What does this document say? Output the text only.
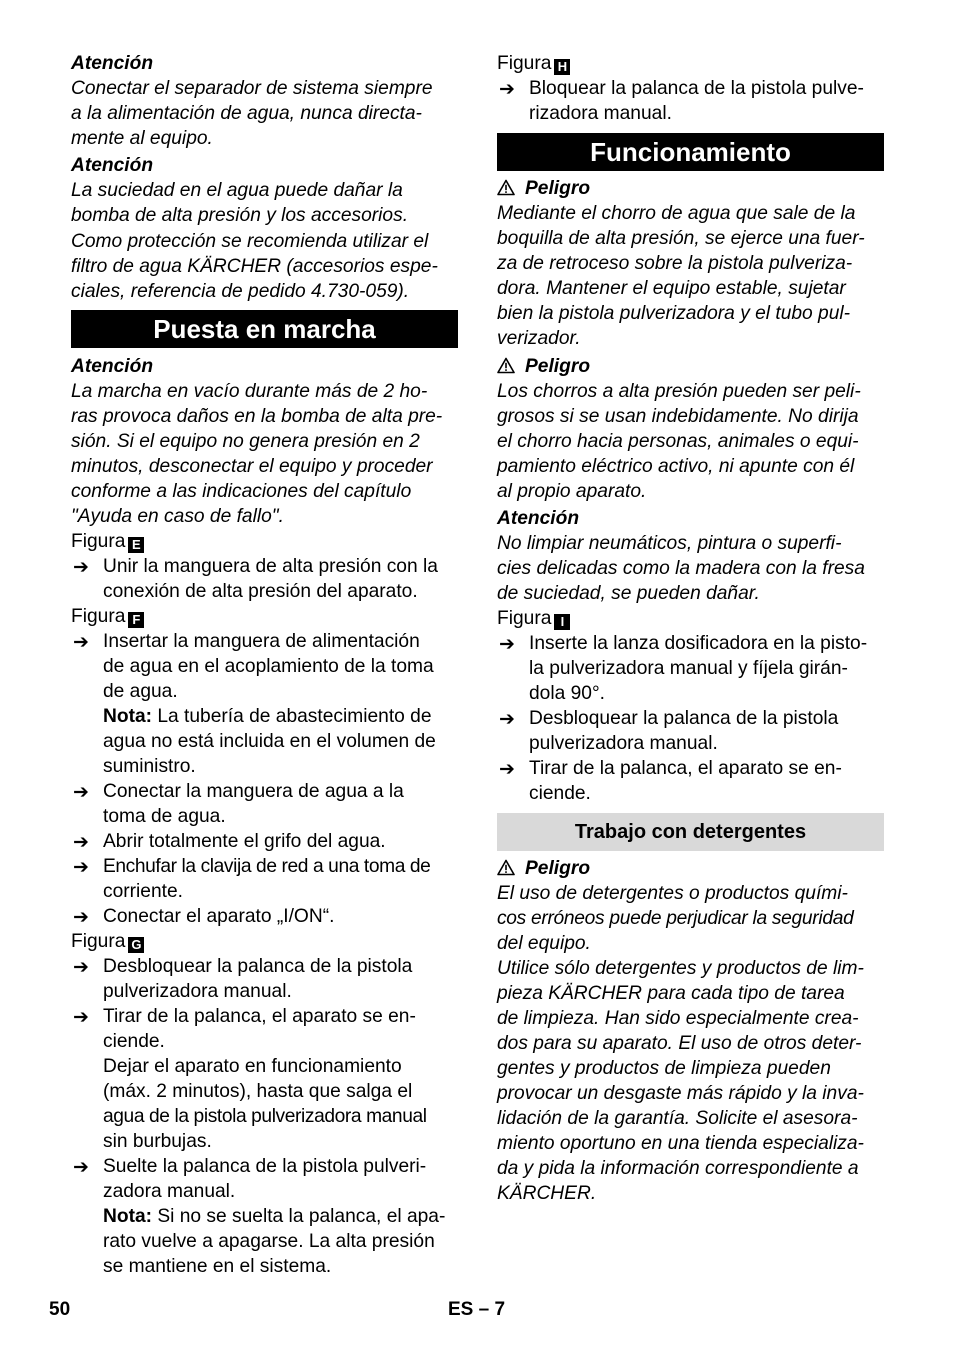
Atención
Conectar el separador de sistema siempre
a la alimentación de agua, nunca directa-
mente al equipo.
Atención
La suciedad en el agua puede dañar la
bomba de alta presión y los accesorios.
Como protección se recomienda utilizar el
filtro de agua KÄRCHER (accesorios espe-
ciales, referencia de pedido 4.730-059).
Puesta en marcha
Atención
La marcha en vacío durante más de 2 ho-
ras provoca daños en la bomba de alta pre-
sión. Si el equipo no genera presión en 2
minutos, desconectar el equipo y proceder
conforme a las indicaciones del capítulo
"Ayuda en caso de fallo".
Figura E
➔ Unir la manguera de alta presión con la
conexión de alta presión del aparato.
Figura F
➔ Insertar la manguera de alimentación
de agua en el acoplamiento de la toma
de agua.
Nota: La tubería de abastecimiento de
agua no está incluida en el volumen de
suministro.
➔ Conectar la manguera de agua a la
toma de agua.
➔ Abrir totalmente el grifo del agua.
➔ Enchufar la clavija de red a una toma de
corriente.
➔ Conectar el aparato „I/ON“.
Figura G
➔ Desbloquear la palanca de la pistola
pulverizadora manual.
➔ Tirar de la palanca, el aparato se en-
ciende.
Dejar el aparato en funcionamiento
(máx. 2 minutos), hasta que salga el
agua de la pistola pulverizadora manual
sin burbujas.
➔ Suelte la palanca de la pistola pulveri-
zadora manual.
Nota: Si no se suelta la palanca, el apa-
rato vuelve a apagarse. La alta presión
se mantiene en el sistema.
Figura H
➔ Bloquear la palanca de la pistola pulve-
rizadora manual.
Funcionamiento
Peligro
Mediante el chorro de agua que sale de la
boquilla de alta presión, se ejerce una fuer-
za de retroceso sobre la pistola pulveriza-
dora. Mantener el equipo estable, sujetar
bien la pistola pulverizadora y el tubo pul-
verizador.
Peligro
Los chorros a alta presión pueden ser peli-
grosos si se usan indebidamente. No dirija
el chorro hacia personas, animales o equi-
pamiento eléctrico activo, ni apunte con él
al propio aparato.
Atención
No limpiar neumáticos, pintura o superfi-
cies delicadas como la madera con la fresa
de suciedad, se pueden dañar.
Figura I
➔ Inserte la lanza dosificadora en la pisto-
la pulverizadora manual y fíjela girán-
dola 90°.
➔ Desbloquear la palanca de la pistola
pulverizadora manual.
➔ Tirar de la palanca, el aparato se en-
ciende.
Trabajo con detergentes
Peligro
El uso de detergentes o productos quími-
cos erróneos puede perjudicar la seguridad
del equipo.
Utilice sólo detergentes y productos de lim-
pieza KÄRCHER para cada tipo de tarea
de limpieza. Han sido especialmente crea-
dos para su aparato. El uso de otros deter-
gentes y productos de limpieza pueden
provocar un desgaste más rápido y la inva-
lidación de la garantía. Solicite el asesora-
miento oportuno en una tienda especializa-
da y pida la información correspondiente a
KÄRCHER.
50	ES – 7
